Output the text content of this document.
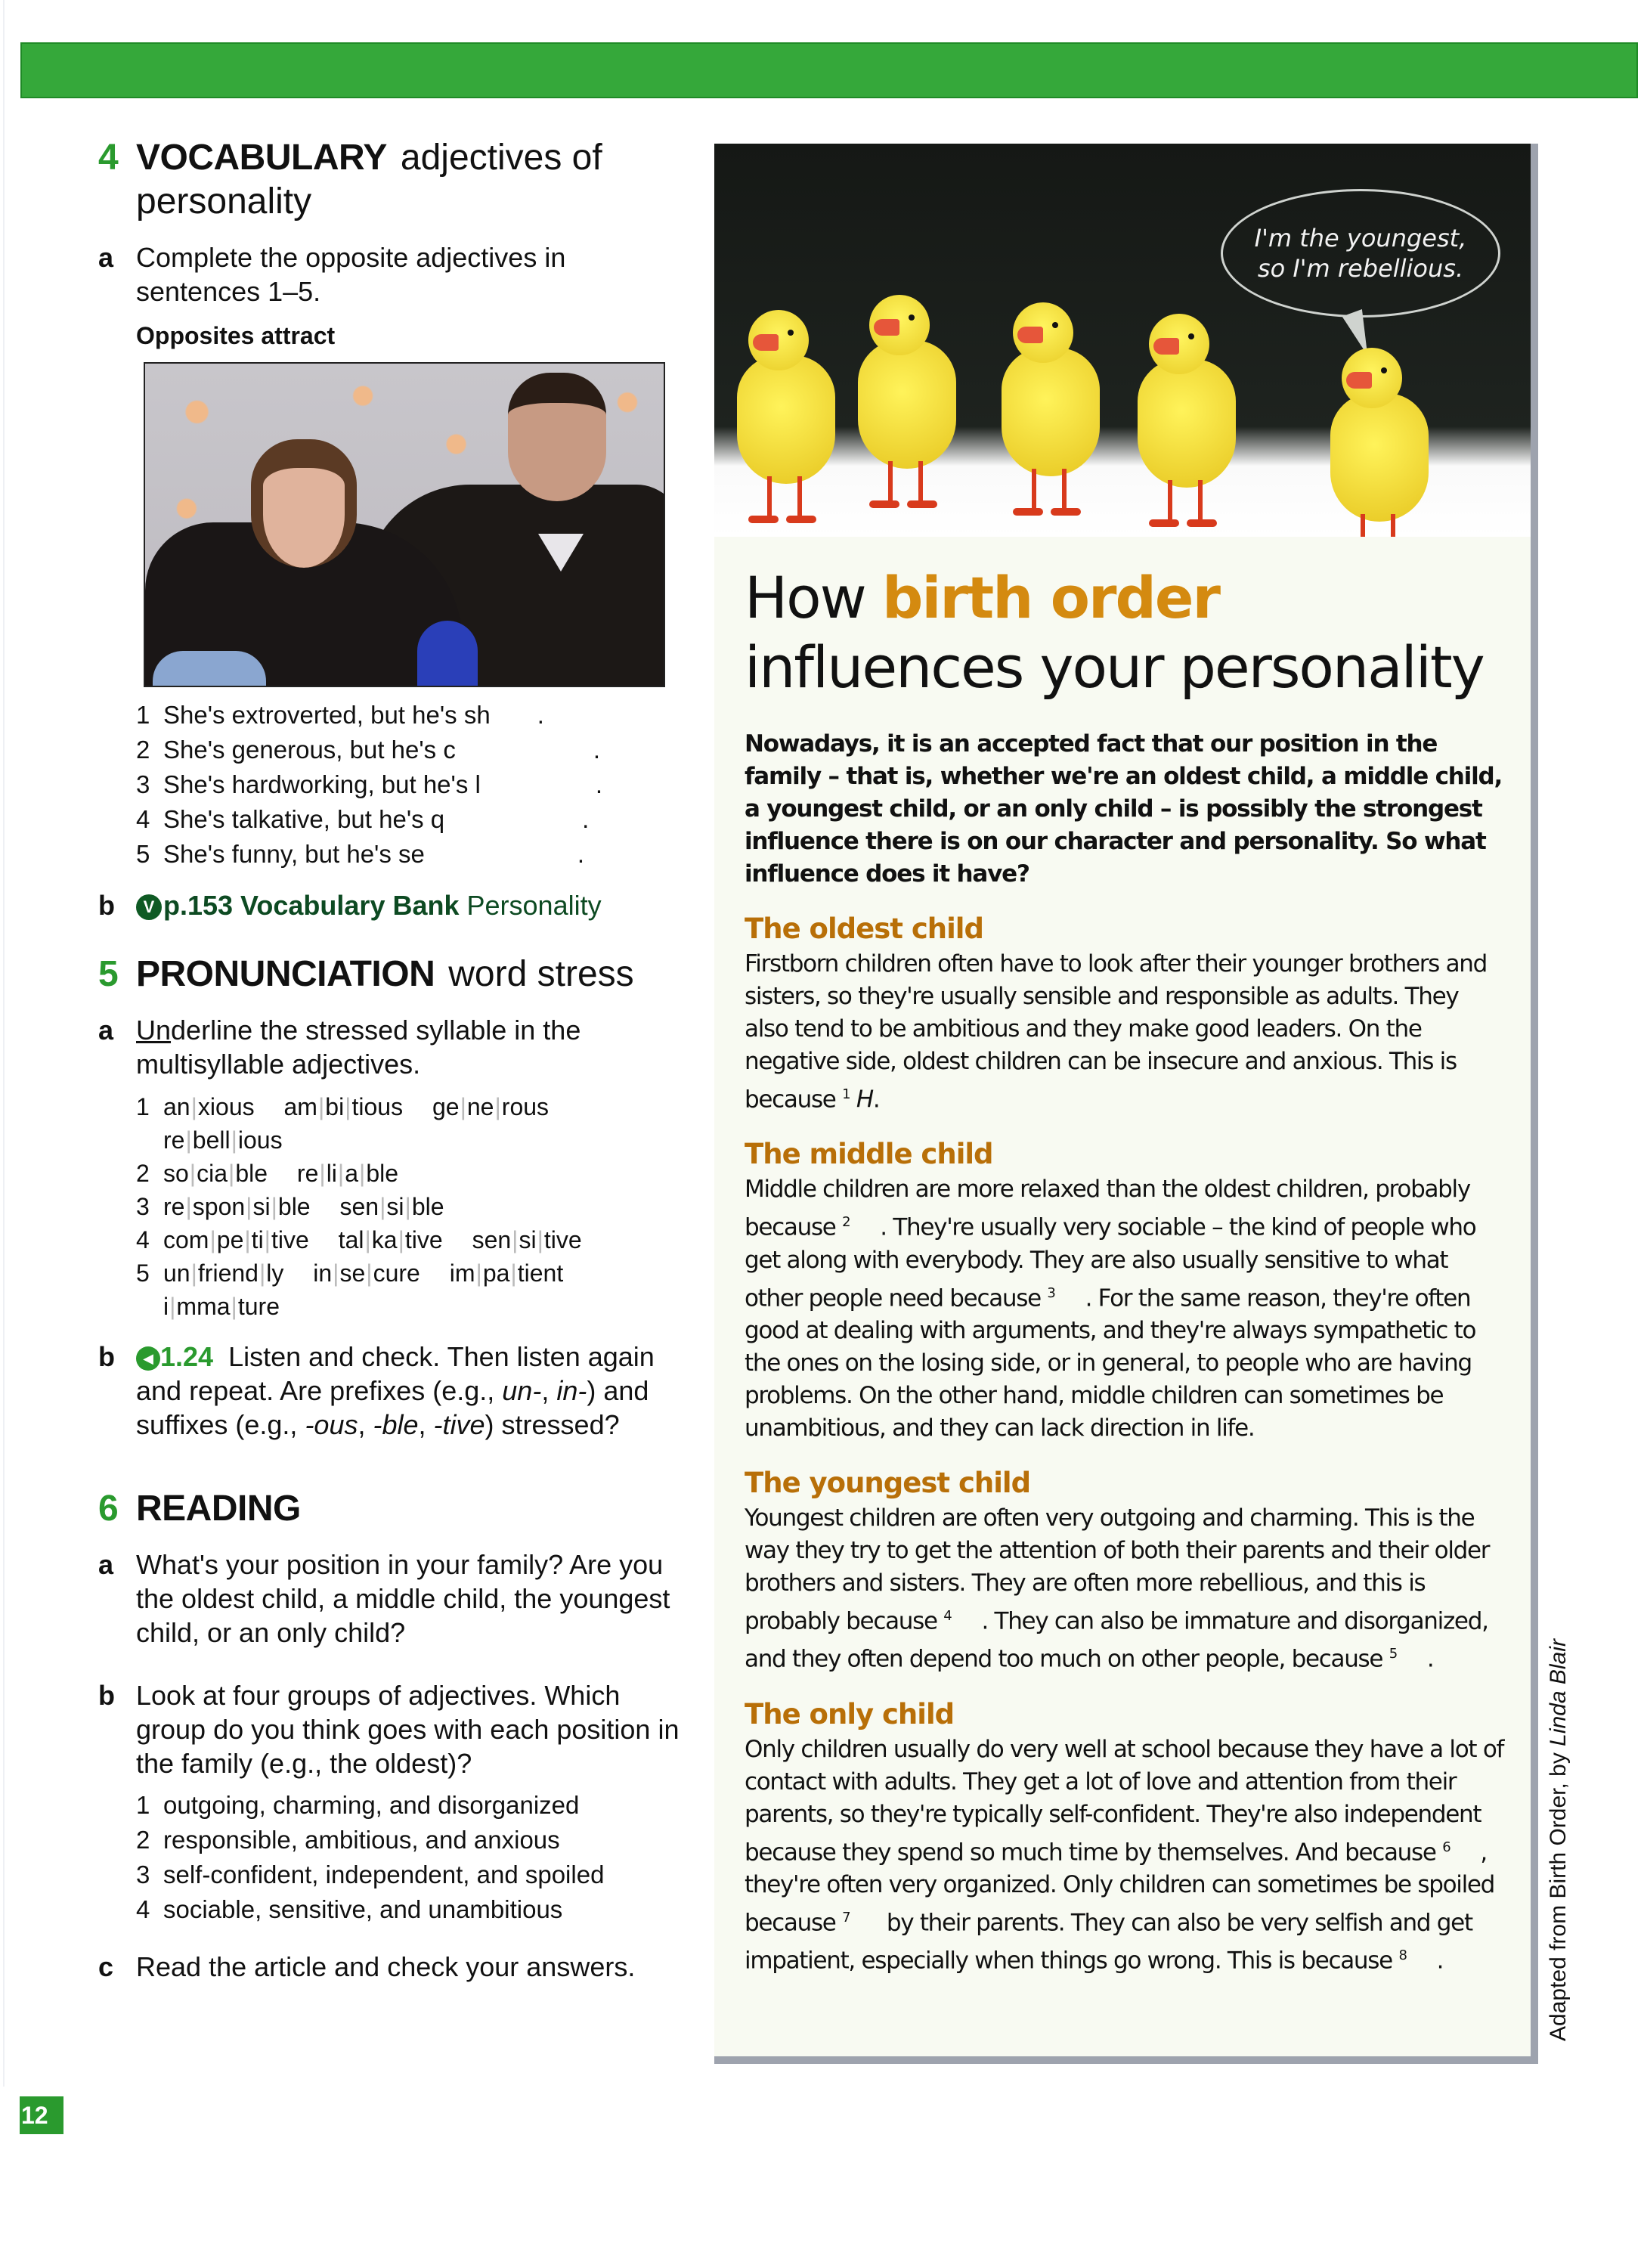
4 VOCABULARY adjectives of
personality
a Complete the opposite adjectives in sentences 1–5.
Opposites attract
1 She's extroverted, but he's sh .
2 She's generous, but he's c	.
3 She's hardworking, but he's l	.
4 She's talkative, but he's q	.
5 She's funny, but he's se	.
b	V p.153 Vocabulary Bank Personality
5 PRONUNCIATION word stress
a Underline the stressed syllable in the multisyllable adjectives.
1 an|xious am|bi|tious ge|ne|rous re|bell|ious
2 so|cia|ble re|li|a|ble
3 re|spon|si|ble sen|si|ble
4 com|pe|ti|tive tal|ka|tive sen|si|tive
5 un|friend|ly in|se|cure im|pa|tient i|mma|ture
b	◀ 1.24 Listen and check. Then listen again and repeat. Are prefixes (e.g., un-, in-) and suffixes (e.g., -ous, -ble, -tive) stressed?
6 READING
a What's your position in your family? Are you the oldest child, a middle child, the youngest child, or an only child?
b Look at four groups of adjectives. Which group do you think goes with each position in the family (e.g., the oldest)?
1 outgoing, charming, and disorganized
2 responsible, ambitious, and anxious
3 self-confident, independent, and spoiled
4 sociable, sensitive, and unambitious
c Read the article and check your answers.
I'm the youngest,
so I'm rebellious.
How birth order influences your personality
Nowadays, it is an accepted fact that our position in the family – that is, whether we're an oldest child, a middle child, a youngest child, or an only child – is possibly the strongest influence there is on our character and personality. So what influence does it have?
The oldest child
Firstborn children often have to look after their younger brothers and sisters, so they're usually sensible and responsible as adults. They also tend to be ambitious and they make good leaders. On the negative side, oldest children can be insecure and anxious. This is because $^1$ H.
The middle child
Middle children are more relaxed than the oldest children, probably because $^2$ . They're usually very sociable – the kind of people who get along with everybody. They are also usually sensitive to what other people need because $^3$ . For the same reason, they're often good at dealing with arguments, and they're always sympathetic to the ones on the losing side, or in general, to people who are having problems. On the other hand, middle children can sometimes be unambitious, and they can lack direction in life.
The youngest child
Youngest children are often very outgoing and charming. This is the way they try to get the attention of both their parents and their older brothers and sisters. They are often more rebellious, and this is probably because $^4$ . They can also be immature and disorganized, and they often depend too much on other people, because $^5$ .
The only child
Only children usually do very well at school because they have a lot of contact with adults. They get a lot of love and attention from their parents, so they're typically self-confident. They're also independent because they spend so much time by themselves. And because $^6$ , they're often very organized. Only children can sometimes be spoiled because $^7$ by their parents. They can also be very selfish and get impatient, especially when things go wrong. This is because $^8$ .	Adapted from Birth Order, by Linda Blair
12
